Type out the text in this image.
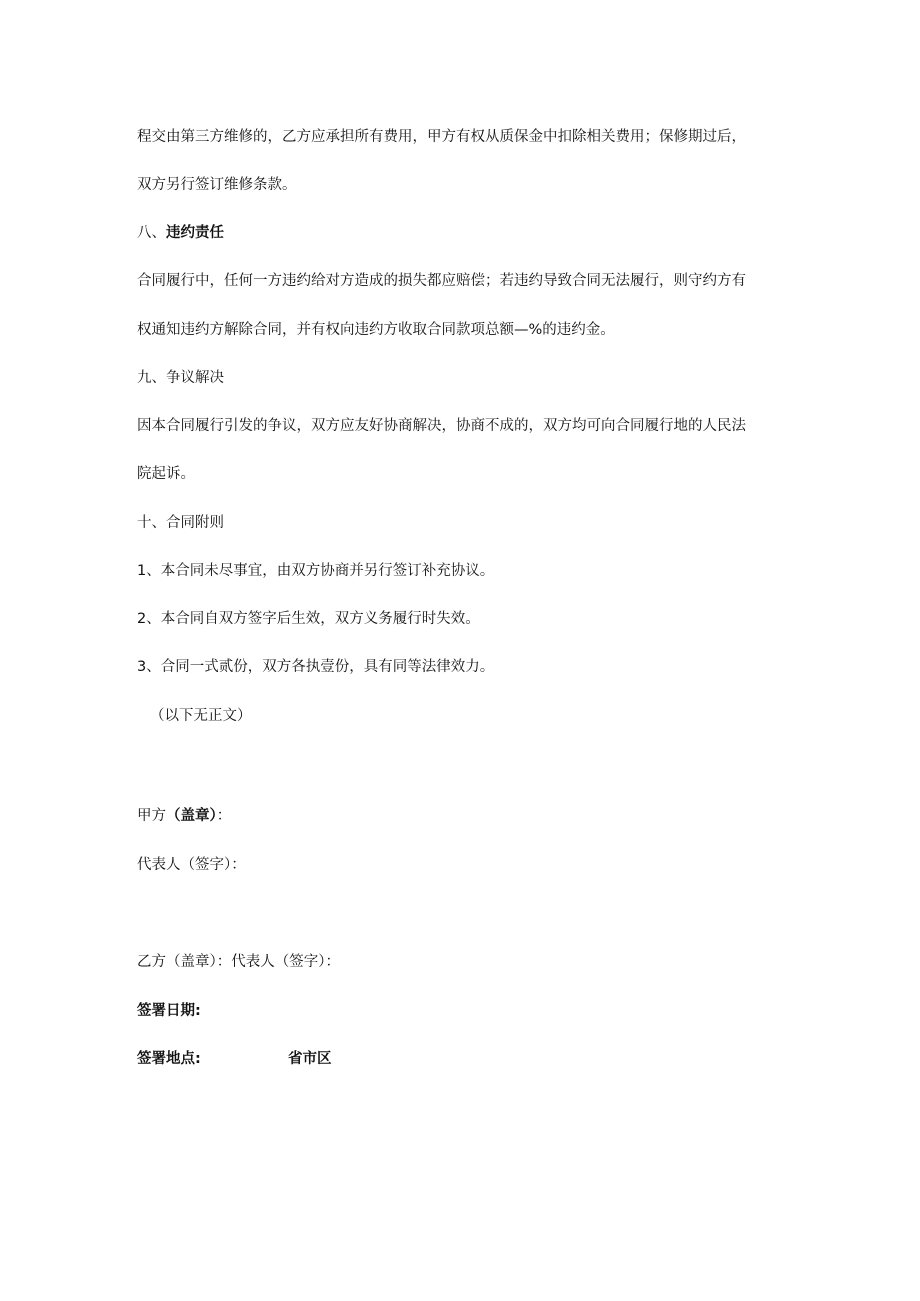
程交由第三方维修的，乙方应承担所有费用，甲方有权从质保金中扣除相关费用；保修期过后，
双方另行签订维修条款。
八、违约责任
合同履行中，任何一方违约给对方造成的损失都应赔偿；若违约导致合同无法履行，则守约方有
权通知违约方解除合同，并有权向违约方收取合同款项总额—%的违约金。
九、争议解决
因本合同履行引发的争议，双方应友好协商解决，协商不成的，双方均可向合同履行地的人民法
院起诉。
十、合同附则
1、本合同未尽事宜，由双方协商并另行签订补充协议。
2、本合同自双方签字后生效，双方义务履行时失效。
3、合同一式贰份，双方各执壹份，具有同等法律效力。
（以下无正文）
甲方（盖章）：
代表人（签字）：
乙方（盖章）：代表人（签字）：
签署日期:
签署地点:	省市区
